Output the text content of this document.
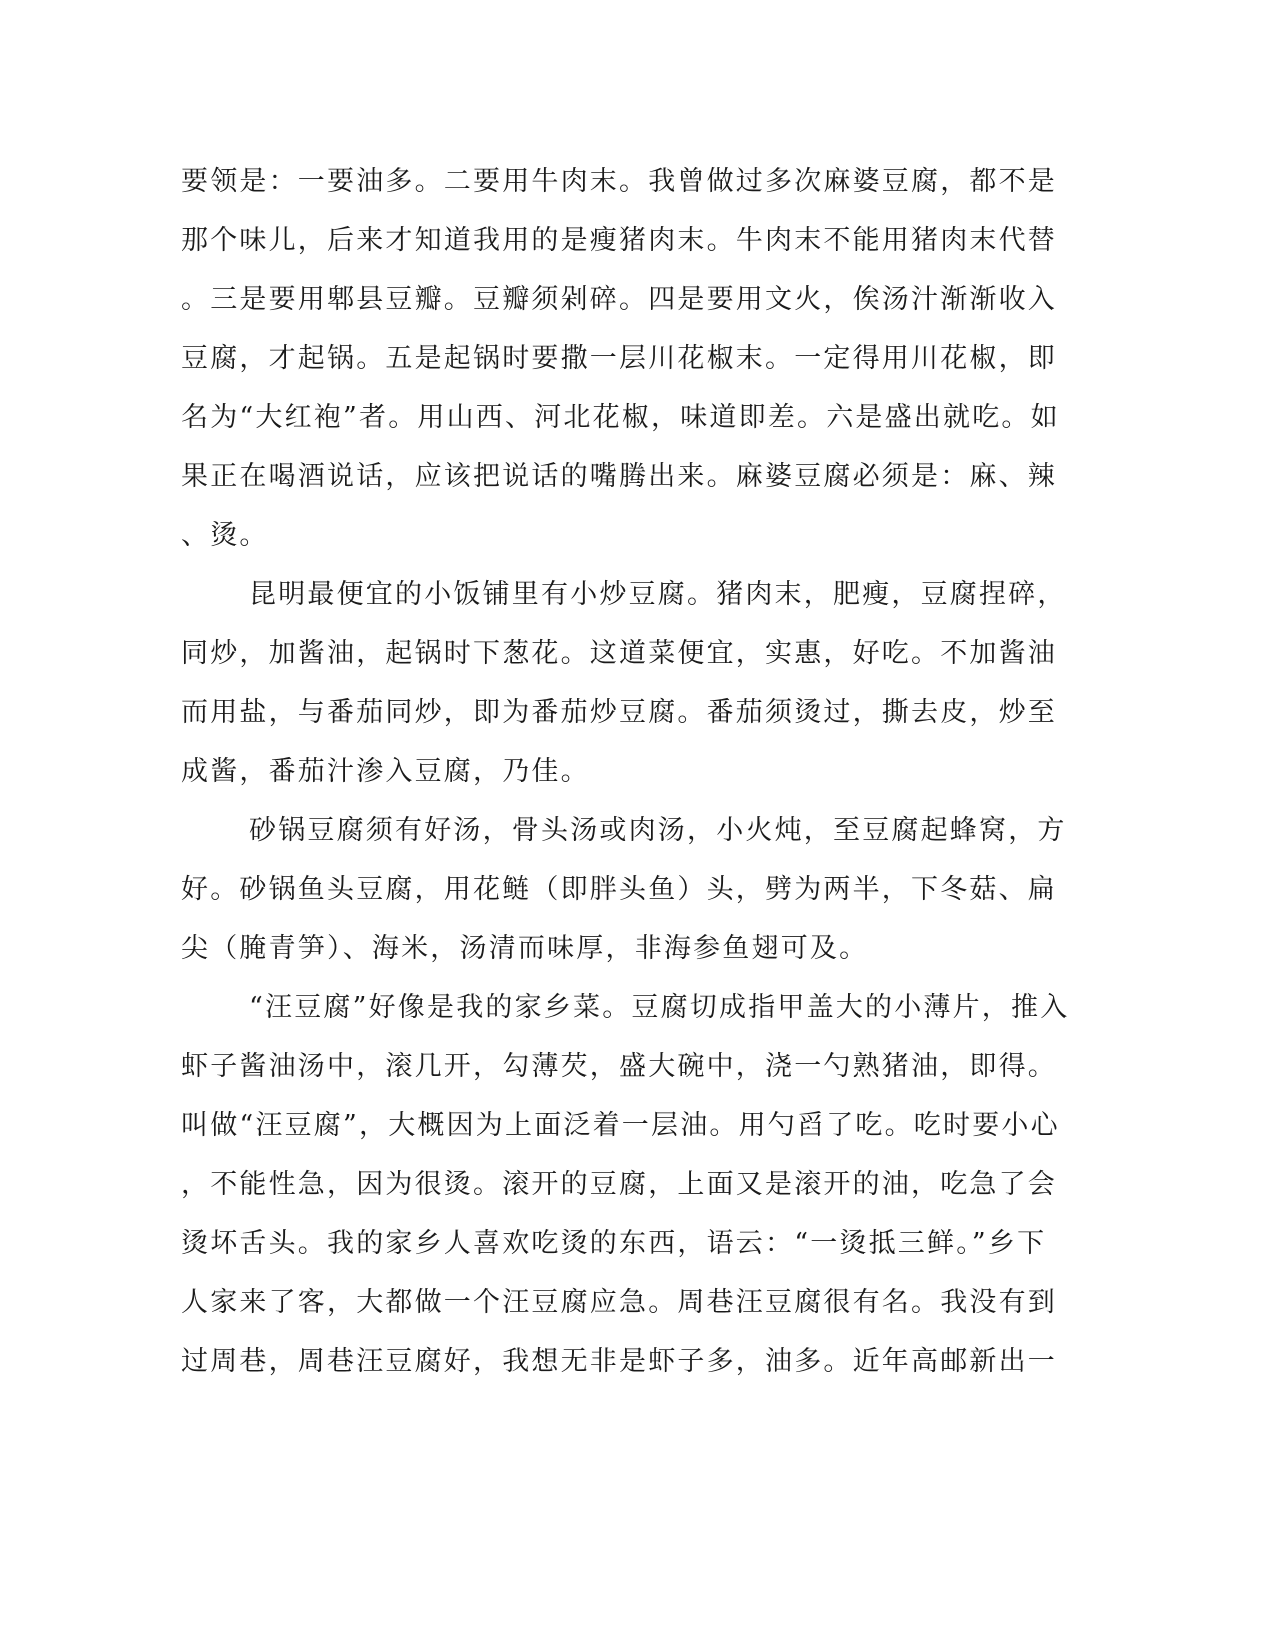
要领是：一要油多。二要用牛肉末。我曾做过多次麻婆豆腐，都不是
那个味儿，后来才知道我用的是瘦猪肉末。牛肉末不能用猪肉末代替
。三是要用郫县豆瓣。豆瓣须剁碎。四是要用文火，俟汤汁渐渐收入
豆腐，才起锅。五是起锅时要撒一层川花椒末。一定得用川花椒，即
名为“大红袍”者。用山西、河北花椒，味道即差。六是盛出就吃。如
果正在喝酒说话，应该把说话的嘴腾出来。麻婆豆腐必须是：麻、辣
、烫。
昆明最便宜的小饭铺里有小炒豆腐。猪肉末，肥瘦，豆腐捏碎，
同炒，加酱油，起锅时下葱花。这道菜便宜，实惠，好吃。不加酱油
而用盐，与番茄同炒，即为番茄炒豆腐。番茄须烫过，撕去皮，炒至
成酱，番茄汁渗入豆腐，乃佳。
砂锅豆腐须有好汤，骨头汤或肉汤，小火炖，至豆腐起蜂窝，方
好。砂锅鱼头豆腐，用花鲢（即胖头鱼）头，劈为两半，下冬菇、扁
尖（腌青笋）、海米，汤清而味厚，非海参鱼翅可及。
“汪豆腐”好像是我的家乡菜。豆腐切成指甲盖大的小薄片，推入
虾子酱油汤中，滚几开，勾薄芡，盛大碗中，浇一勺熟猪油，即得。
叫做“汪豆腐”，大概因为上面泛着一层油。用勺舀了吃。吃时要小心
，不能性急，因为很烫。滚开的豆腐，上面又是滚开的油，吃急了会
烫坏舌头。我的家乡人喜欢吃烫的东西，语云：“一烫抵三鲜。”乡下
人家来了客，大都做一个汪豆腐应急。周巷汪豆腐很有名。我没有到
过周巷，周巷汪豆腐好，我想无非是虾子多，油多。近年高邮新出一
